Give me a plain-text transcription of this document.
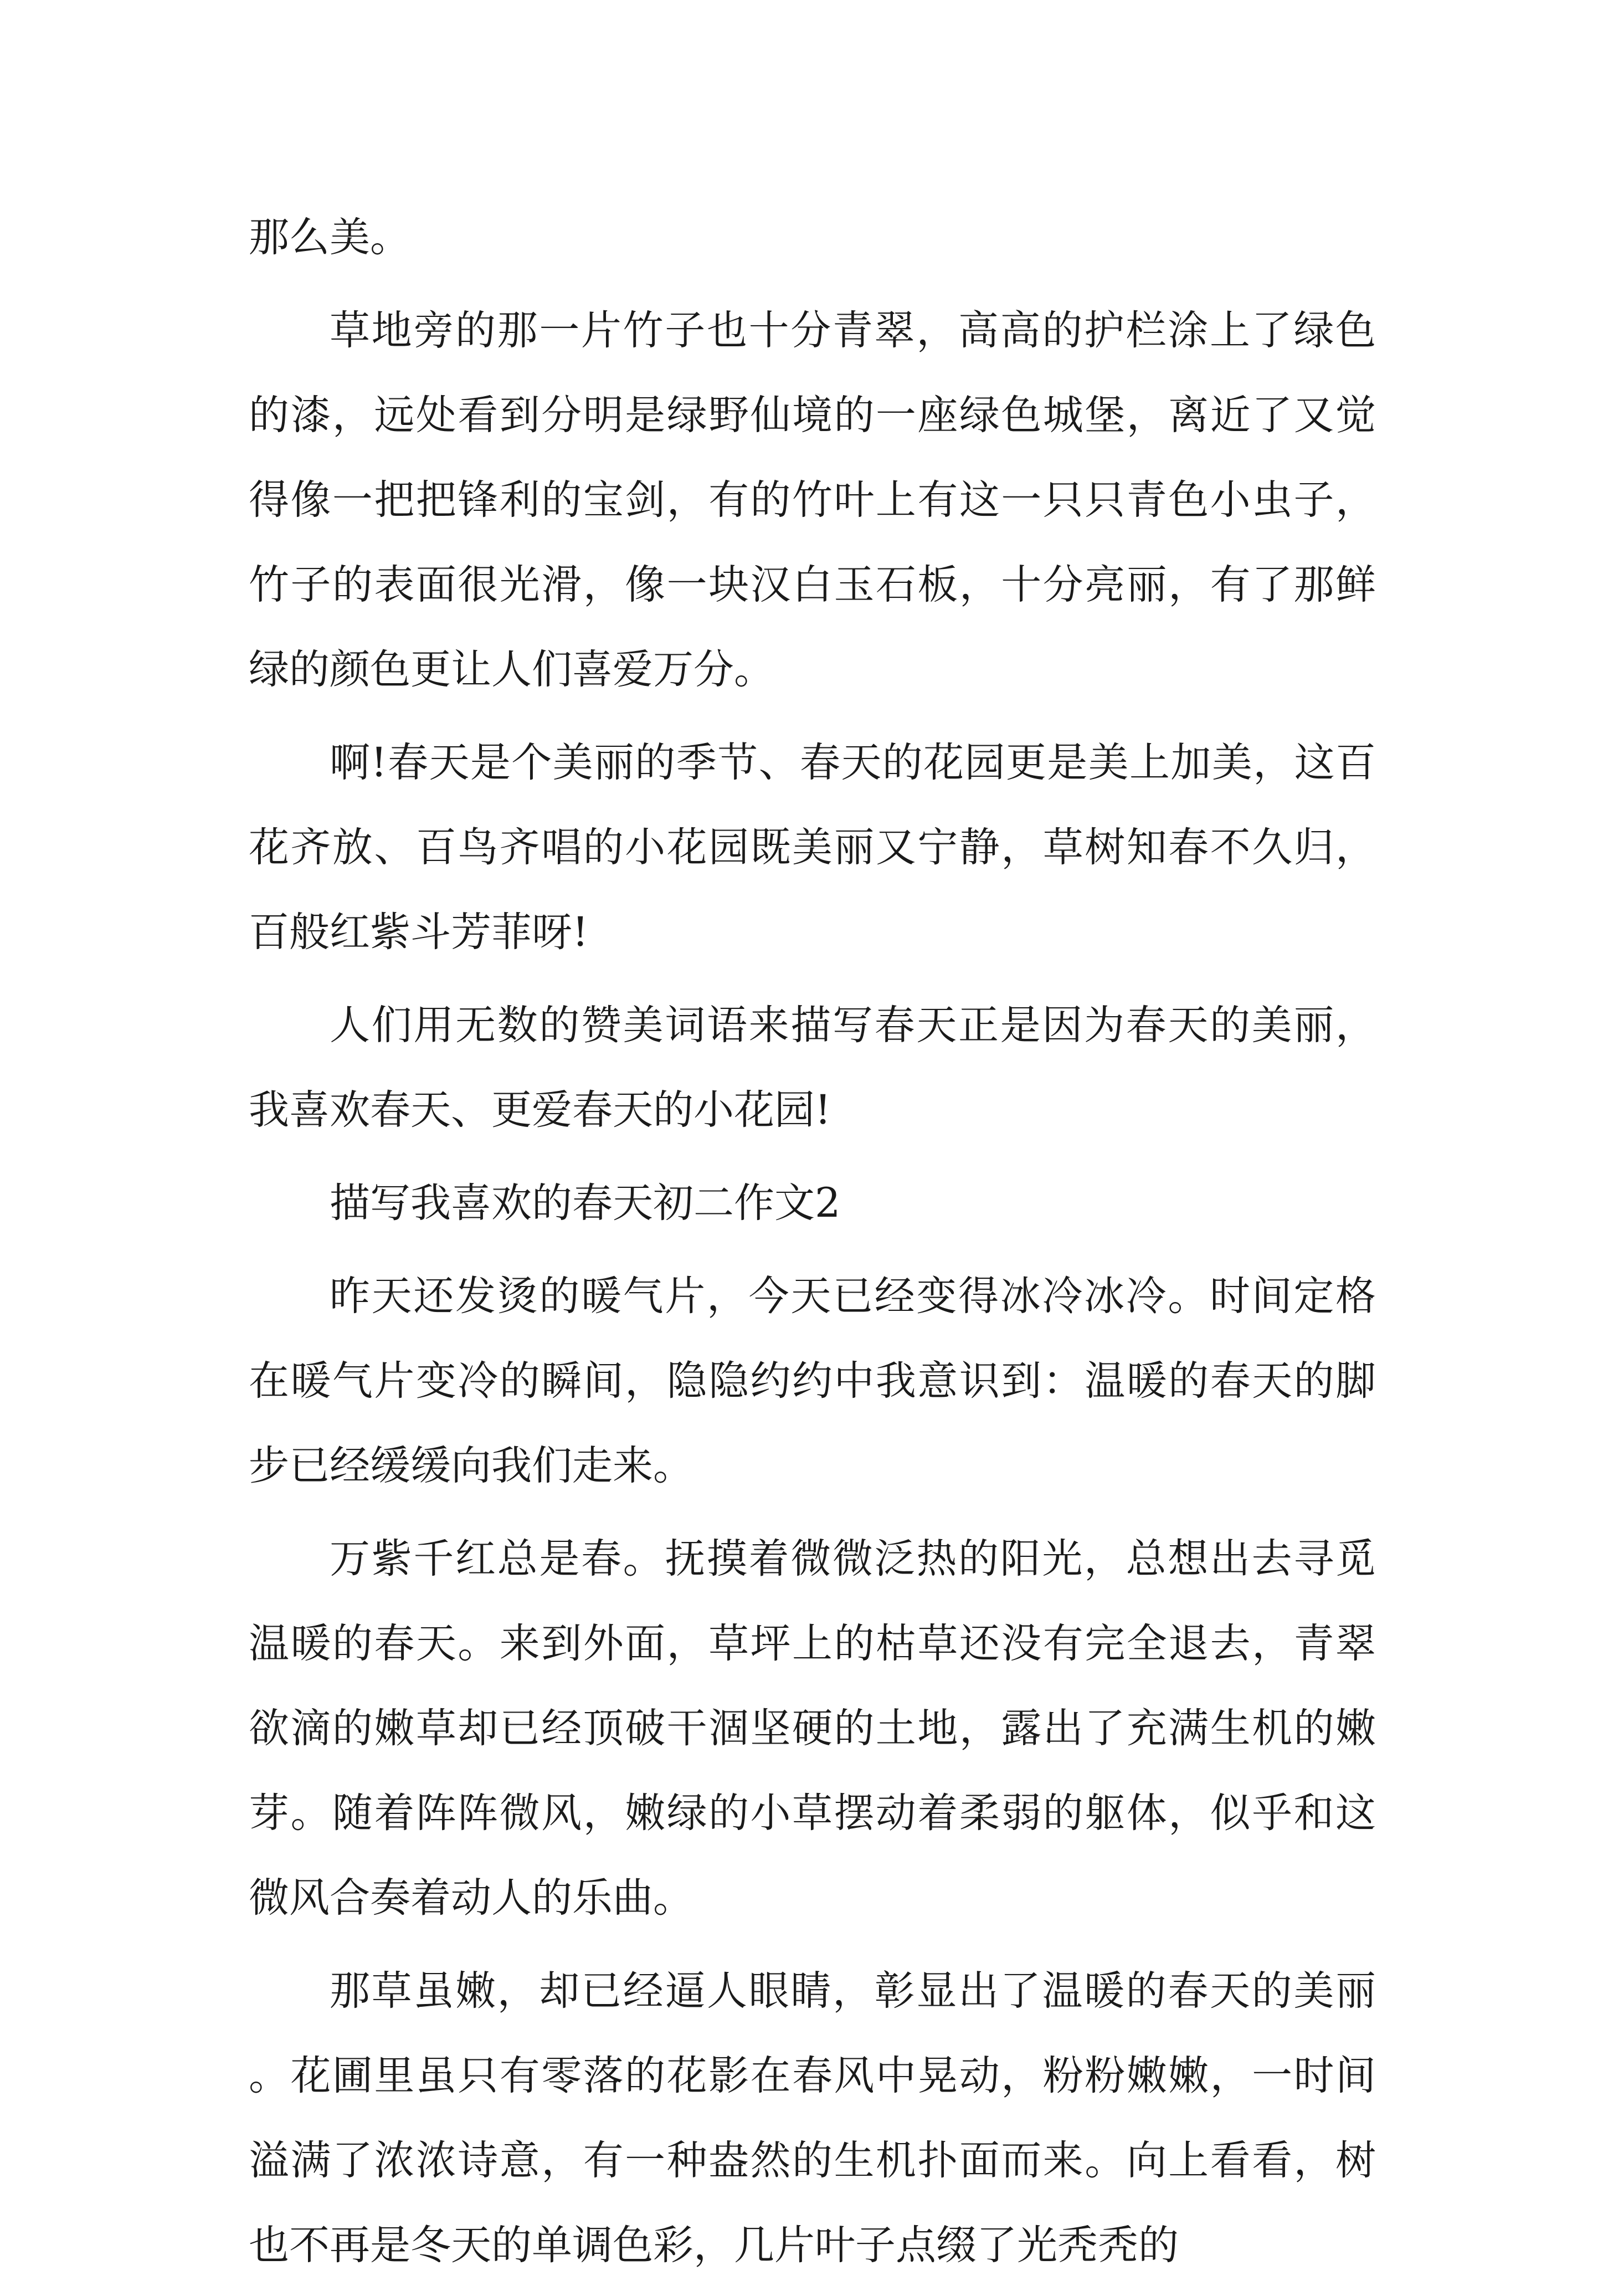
那么美。

草地旁的那一片竹子也十分青翠，高高的护栏涂上了绿色的漆，远处看到分明是绿野仙境的一座绿色城堡，离近了又觉得像一把把锋利的宝剑，有的竹叶上有这一只只青色小虫子，竹子的表面很光滑，像一块汉白玉石板，十分亮丽，有了那鲜绿的颜色更让人们喜爱万分。

啊!春天是个美丽的季节、春天的花园更是美上加美，这百花齐放、百鸟齐唱的小花园既美丽又宁静，草树知春不久归，百般红紫斗芳菲呀!

人们用无数的赞美词语来描写春天正是因为春天的美丽，我喜欢春天、更爱春天的小花园!

描写我喜欢的春天初二作文2

昨天还发烫的暖气片，今天已经变得冰冷冰冷。时间定格在暖气片变冷的瞬间，隐隐约约中我意识到：温暖的春天的脚步已经缓缓向我们走来。

万紫千红总是春。抚摸着微微泛热的阳光，总想出去寻觅温暖的春天。来到外面，草坪上的枯草还没有完全退去，青翠欲滴的嫩草却已经顶破干涸坚硬的土地，露出了充满生机的嫩芽。随着阵阵微风，嫩绿的小草摆动着柔弱的躯体，似乎和这微风合奏着动人的乐曲。

那草虽嫩，却已经逼人眼睛，彰显出了温暖的春天的美丽。花圃里虽只有零落的花影在春风中晃动，粉粉嫩嫩，一时间溢满了浓浓诗意，有一种盎然的生机扑面而来。向上看看，树也不再是冬天的单调色彩，几片叶子点缀了光秃秃的
